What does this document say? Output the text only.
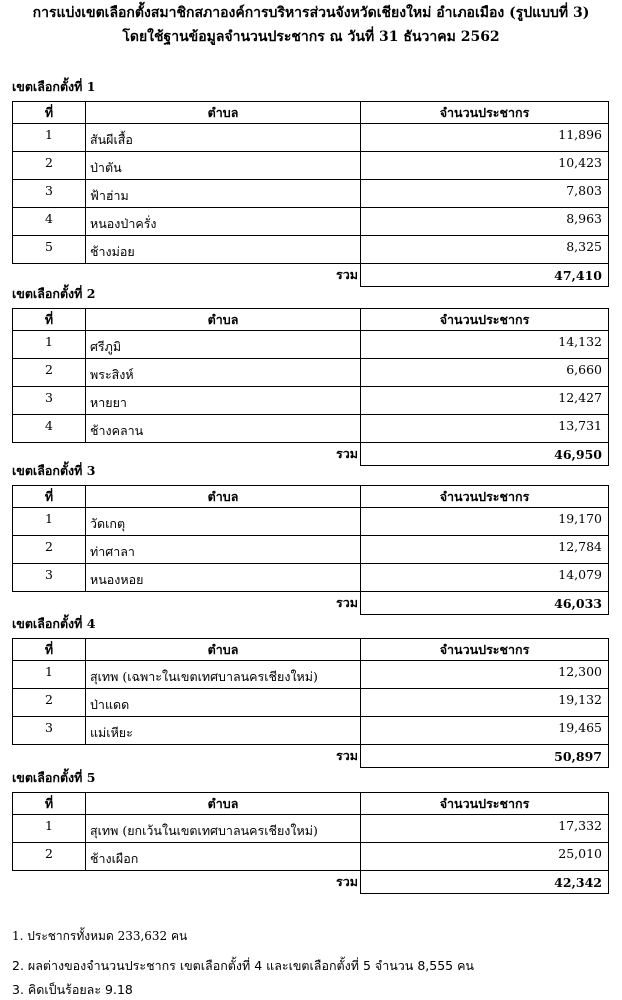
การแบ่งเขตเลือกตั้งสมาชิกสภาองค์การบริหารส่วนจังหวัดเชียงใหม่ อำเภอเมือง (รูปแบบที่ 3)
โดยใช้ฐานข้อมูลจำนวนประชากร ณ วันที่ 31 ธันวาคม 2562
เขตเลือกตั้งที่ 1
ที่	ตำบล	จำนวนประชากร
1	สันผีเสื้อ	11,896
2	ป่าตัน	10,423
3	ฟ้าฮ่าม	7,803
4	หนองป่าครั่ง	8,963
5	ช้างม่อย	8,325
	รวม	47,410
เขตเลือกตั้งที่ 2
ที่	ตำบล	จำนวนประชากร
1	ศรีภูมิ	14,132
2	พระสิงห์	6,660
3	หายยา	12,427
4	ช้างคลาน	13,731
	รวม	46,950
เขตเลือกตั้งที่ 3
ที่	ตำบล	จำนวนประชากร
1	วัดเกตุ	19,170
2	ท่าศาลา	12,784
3	หนองหอย	14,079
	รวม	46,033
เขตเลือกตั้งที่ 4
ที่	ตำบล	จำนวนประชากร
1	สุเทพ (เฉพาะในเขตเทศบาลนครเชียงใหม่)	12,300
2	ป่าแดด	19,132
3	แม่เหียะ	19,465
	รวม	50,897
เขตเลือกตั้งที่ 5
ที่	ตำบล	จำนวนประชากร
1	สุเทพ (ยกเว้นในเขตเทศบาลนครเชียงใหม่)	17,332
2	ช้างเผือก	25,010
	รวม	42,342
1. ประชากรทั้งหมด 233,632 คน
2. ผลต่างของจำนวนประชากร เขตเลือกตั้งที่ 4 และเขตเลือกตั้งที่ 5 จำนวน 8,555 คน
3. คิดเป็นร้อยละ 9.18
